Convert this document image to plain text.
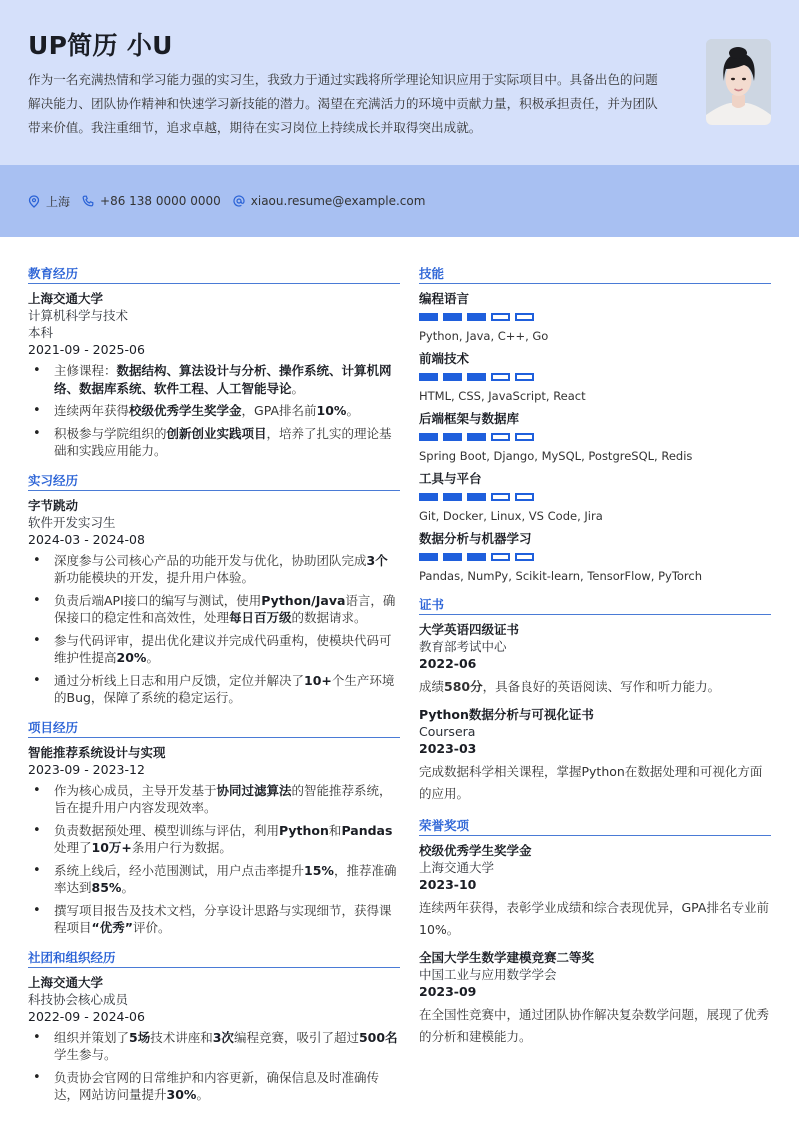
UP简历 小U
作为一名充满热情和学习能力强的实习生，我致力于通过实践将所学理论知识应用于实际项目中。具备出色的问题解决能力、团队协作精神和快速学习新技能的潜力。渴望在充满活力的环境中贡献力量，积极承担责任，并为团队带来价值。我注重细节，追求卓越，期待在实习岗位上持续成长并取得突出成就。
上海	+86 138 0000 0000	xiaou.resume@example.com
教育经历
上海交通大学
计算机科学与技术
本科
2021-09 - 2025-06
• 主修课程：数据结构、算法设计与分析、操作系统、计算机网络、数据库系统、软件工程、人工智能导论。
• 连续两年获得校级优秀学生奖学金，GPA排名前10%。
• 积极参与学院组织的创新创业实践项目，培养了扎实的理论基础和实践应用能力。
实习经历
字节跳动
软件开发实习生
2024-03 - 2024-08
• 深度参与公司核心产品的功能开发与优化，协助团队完成3个新功能模块的开发，提升用户体验。
• 负责后端API接口的编写与测试，使用Python/Java语言，确保接口的稳定性和高效性，处理每日百万级的数据请求。
• 参与代码评审，提出优化建议并完成代码重构，使模块代码可维护性提高20%。
• 通过分析线上日志和用户反馈，定位并解决了10+个生产环境的Bug，保障了系统的稳定运行。
项目经历
智能推荐系统设计与实现
2023-09 - 2023-12
• 作为核心成员，主导开发基于协同过滤算法的智能推荐系统，旨在提升用户内容发现效率。
• 负责数据预处理、模型训练与评估，利用Python和Pandas处理了10万+条用户行为数据。
• 系统上线后，经小范围测试，用户点击率提升15%，推荐准确率达到85%。
• 撰写项目报告及技术文档，分享设计思路与实现细节，获得课程项目“优秀”评价。
社团和组织经历
上海交通大学
科技协会核心成员
2022-09 - 2024-06
• 组织并策划了5场技术讲座和3次编程竞赛，吸引了超过500名学生参与。
• 负责协会官网的日常维护和内容更新，确保信息及时准确传达，网站访问量提升30%。
技能
编程语言
Python, Java, C++, Go
前端技术
HTML, CSS, JavaScript, React
后端框架与数据库
Spring Boot, Django, MySQL, PostgreSQL, Redis
工具与平台
Git, Docker, Linux, VS Code, Jira
数据分析与机器学习
Pandas, NumPy, Scikit-learn, TensorFlow, PyTorch
证书
大学英语四级证书
教育部考试中心
2022-06
成绩580分，具备良好的英语阅读、写作和听力能力。
Python数据分析与可视化证书
Coursera
2023-03
完成数据科学相关课程，掌握Python在数据处理和可视化方面的应用。
荣誉奖项
校级优秀学生奖学金
上海交通大学
2023-10
连续两年获得，表彰学业成绩和综合表现优异，GPA排名专业前10%。
全国大学生数学建模竞赛二等奖
中国工业与应用数学学会
2023-09
在全国性竞赛中，通过团队协作解决复杂数学问题，展现了优秀的分析和建模能力。
